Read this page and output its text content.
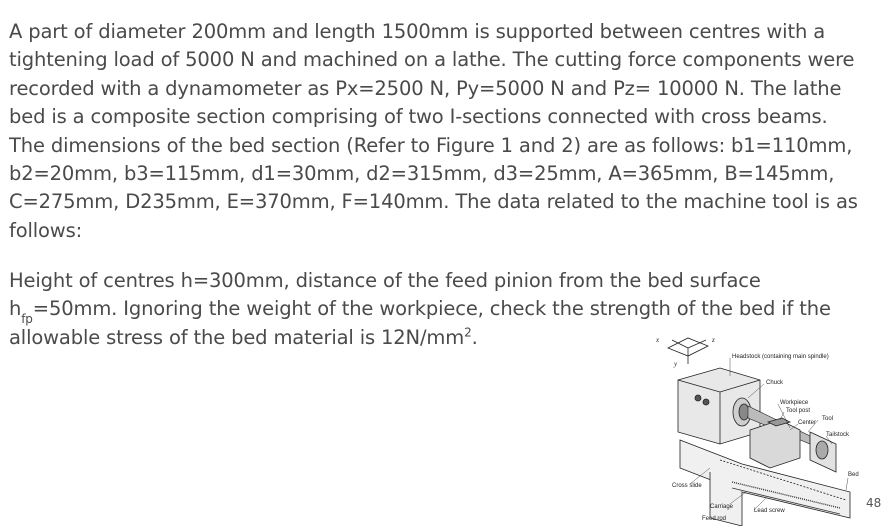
A part of diameter 200mm and length 1500mm is supported between centres with a
tightening load of 5000 N and machined on a lathe. The cutting force components were
recorded with a dynamometer as Px=2500 N, Py=5000 N and Pz= 10000 N. The lathe
bed is a composite section comprising of two I-sections connected with cross beams.
The dimensions of the bed section (Refer to Figure 1 and 2) are as follows: b1=110mm,
b2=20mm, b3=115mm, d1=30mm, d2=315mm, d3=25mm, A=365mm, B=145mm,
C=275mm, D235mm, E=370mm, F=140mm. The data related to the machine tool is as
follows:
Height of centres h=300mm, distance of the feed pinion from the bed surface
$h_{fp}=50mm$. Ignoring the weight of the workpiece, check the strength of the bed if the
allowable stress of the bed material is $12N/mm^2$.	x
y
z
Headstock (containing main spindle)
Chuck
Workpiece
Tool post
Tool
Center
Tailstock
Bed
Cross slide
Carriage
Lead screw
Feed rod
48
